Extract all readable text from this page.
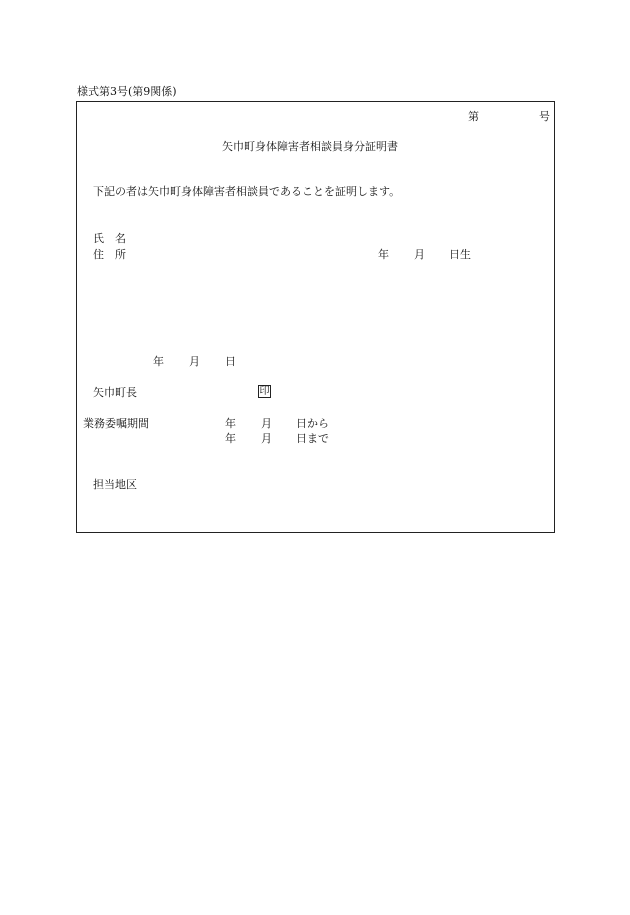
様式第3号(第9関係)
第	号
矢巾町身体障害者相談員身分証明書
下記の者は矢巾町身体障害者相談員であることを証明します。
氏　名
住　所	年 月 日生
年 月 日
矢巾町長	印
業務委嘱期間	年 月 日から
年 月 日まで
担当地区
